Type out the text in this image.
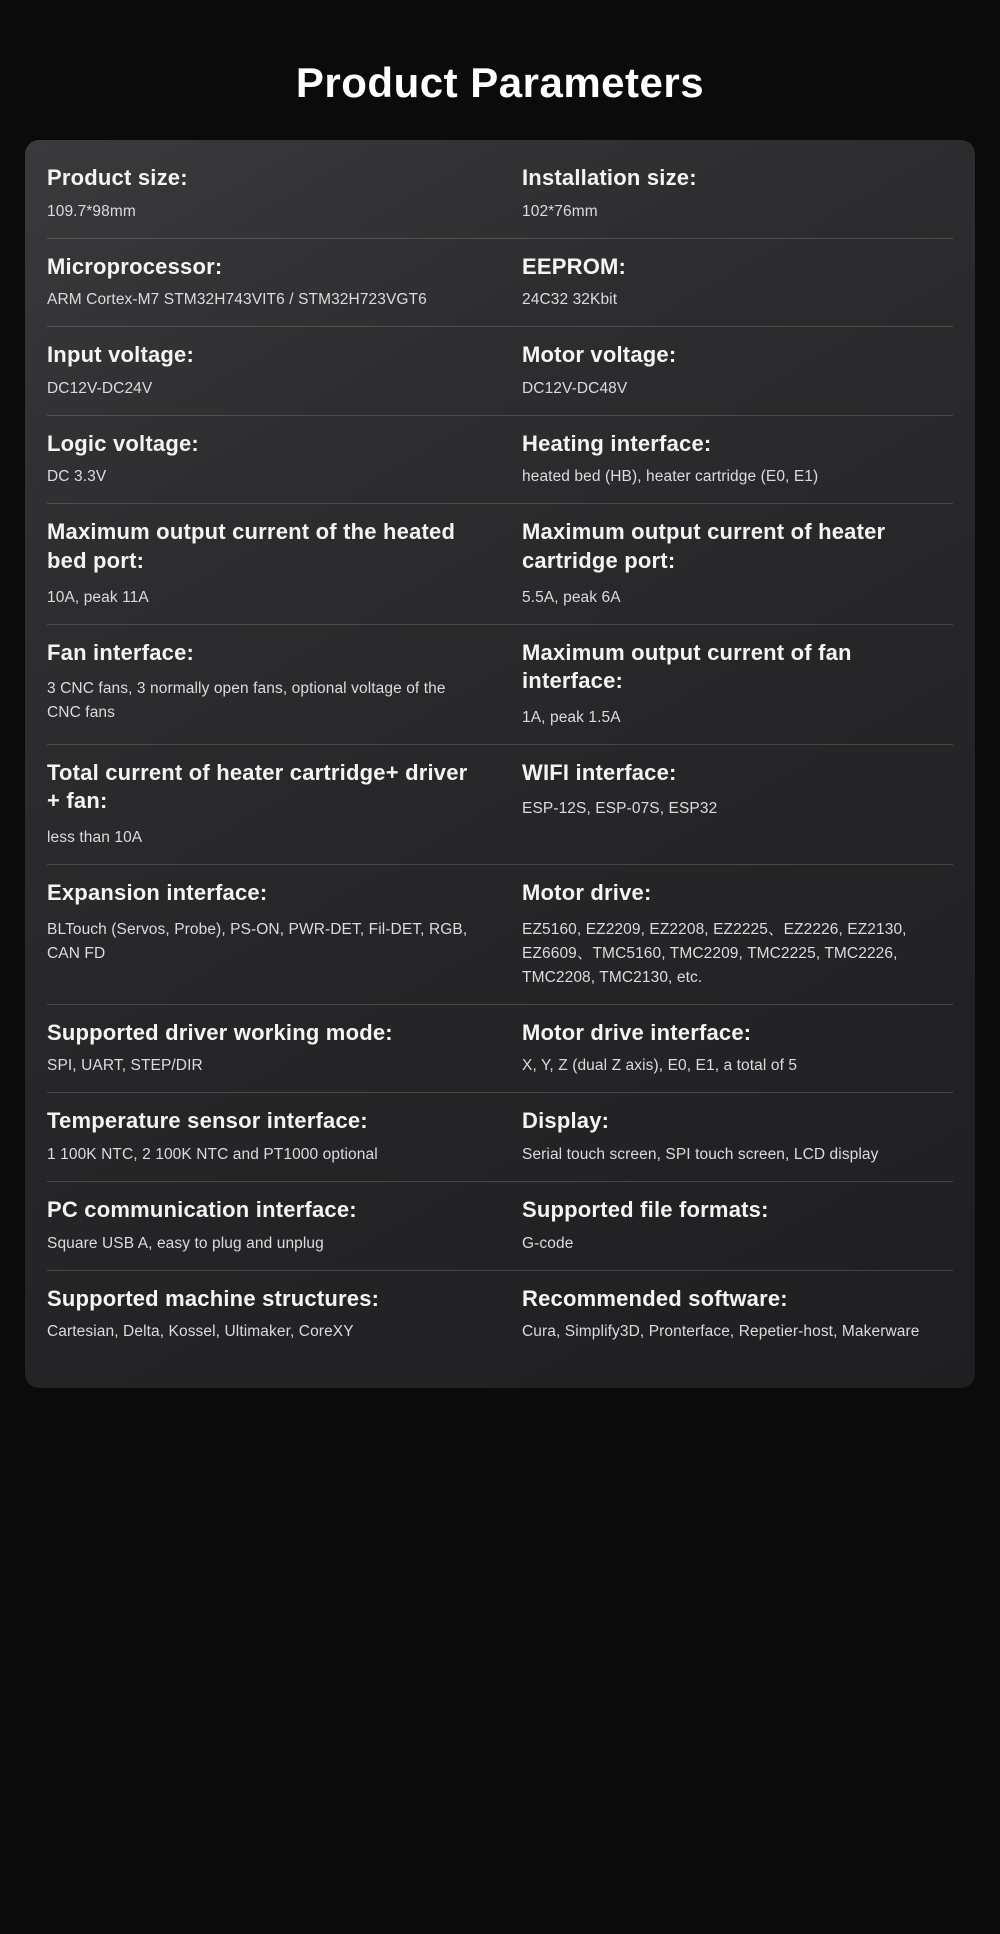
Product Parameters
Product size:
109.7*98mm
Installation size:
102*76mm
Microprocessor:
ARM Cortex-M7 STM32H743VIT6 / STM32H723VGT6
EEPROM:
24C32 32Kbit
Input voltage:
DC12V-DC24V
Motor voltage:
DC12V-DC48V
Logic voltage:
DC 3.3V
Heating interface:
heated bed (HB), heater cartridge (E0, E1)
Maximum output current of the heated bed port:
10A, peak 11A
Maximum output current of heater cartridge port:
5.5A, peak 6A
Fan interface:
3 CNC fans, 3 normally open fans, optional voltage of the CNC fans
Maximum output current of fan interface:
1A, peak 1.5A
Total current of heater cartridge+ driver + fan:
less than 10A
WIFI interface:
ESP-12S, ESP-07S, ESP32
Expansion interface:
BLTouch (Servos, Probe), PS-ON, PWR-DET, Fil-DET, RGB, CAN FD
Motor drive:
EZ5160, EZ2209, EZ2208, EZ2225、EZ2226, EZ2130, EZ6609、TMC5160, TMC2209, TMC2225, TMC2226, TMC2208, TMC2130, etc.
Supported driver working mode:
SPI, UART, STEP/DIR
Motor drive interface:
X, Y, Z (dual Z axis), E0, E1, a total of 5
Temperature sensor interface:
1 100K NTC, 2 100K NTC and PT1000 optional
Display:
Serial touch screen, SPI touch screen, LCD display
PC communication interface:
Square USB A, easy to plug and unplug
Supported file formats:
G-code
Supported machine structures:
Cartesian, Delta, Kossel, Ultimaker, CoreXY
Recommended software:
Cura, Simplify3D, Pronterface, Repetier-host, Makerware
